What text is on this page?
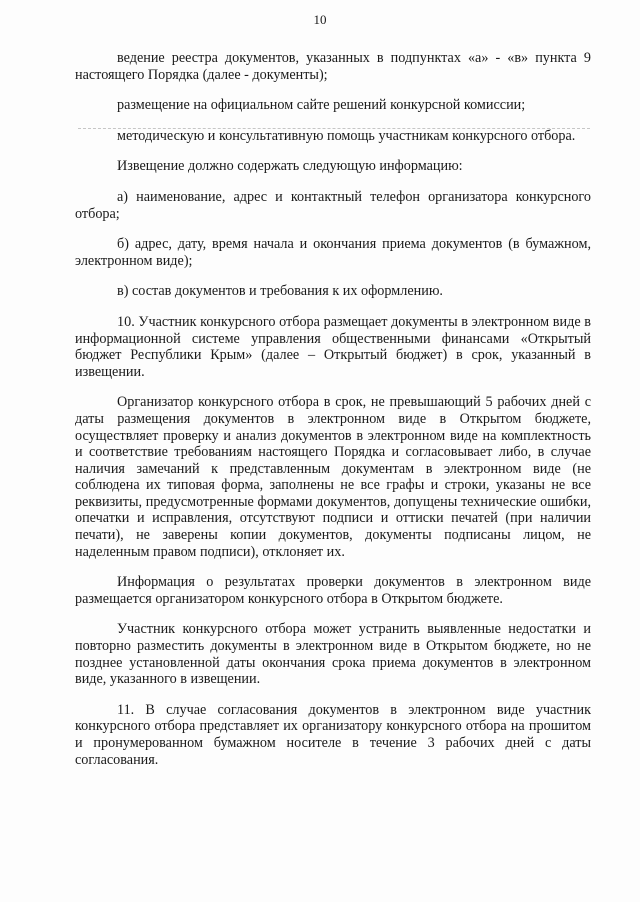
10

ведение реестра документов, указанных в подпунктах «а» - «в» пункта 9 настоящего Порядка (далее - документы);

размещение на официальном сайте решений конкурсной комиссии;

методическую и консультативную помощь участникам конкурсного отбора.

Извещение должно содержать следующую информацию:

а) наименование, адрес и контактный телефон организатора конкурсного отбора;

б) адрес, дату, время начала и окончания приема документов (в бумажном, электронном виде);

в) состав документов и требования к их оформлению.

10. Участник конкурсного отбора размещает документы в электронном виде в информационной системе управления общественными финансами «Открытый бюджет Республики Крым» (далее – Открытый бюджет) в срок, указанный в извещении.

Организатор конкурсного отбора в срок, не превышающий 5 рабочих дней с даты размещения документов в электронном виде в Открытом бюджете, осуществляет проверку и анализ документов в электронном виде на комплектность и соответствие требованиям настоящего Порядка и согласовывает либо, в случае наличия замечаний к представленным документам в электронном виде (не соблюдена их типовая форма, заполнены не все графы и строки, указаны не все реквизиты, предусмотренные формами документов, допущены технические ошибки, опечатки и исправления, отсутствуют подписи и оттиски печатей (при наличии печати), не заверены копии документов, документы подписаны лицом, не наделенным правом подписи), отклоняет их.

Информация о результатах проверки документов в электронном виде размещается организатором конкурсного отбора в Открытом бюджете.

Участник конкурсного отбора может устранить выявленные недостатки и повторно разместить документы в электронном виде в Открытом бюджете, но не позднее установленной даты окончания срока приема документов в электронном виде, указанного в извещении.

11. В случае согласования документов в электронном виде участник конкурсного отбора представляет их организатору конкурсного отбора на прошитом и пронумерованном бумажном носителе в течение 3 рабочих дней с даты согласования.
